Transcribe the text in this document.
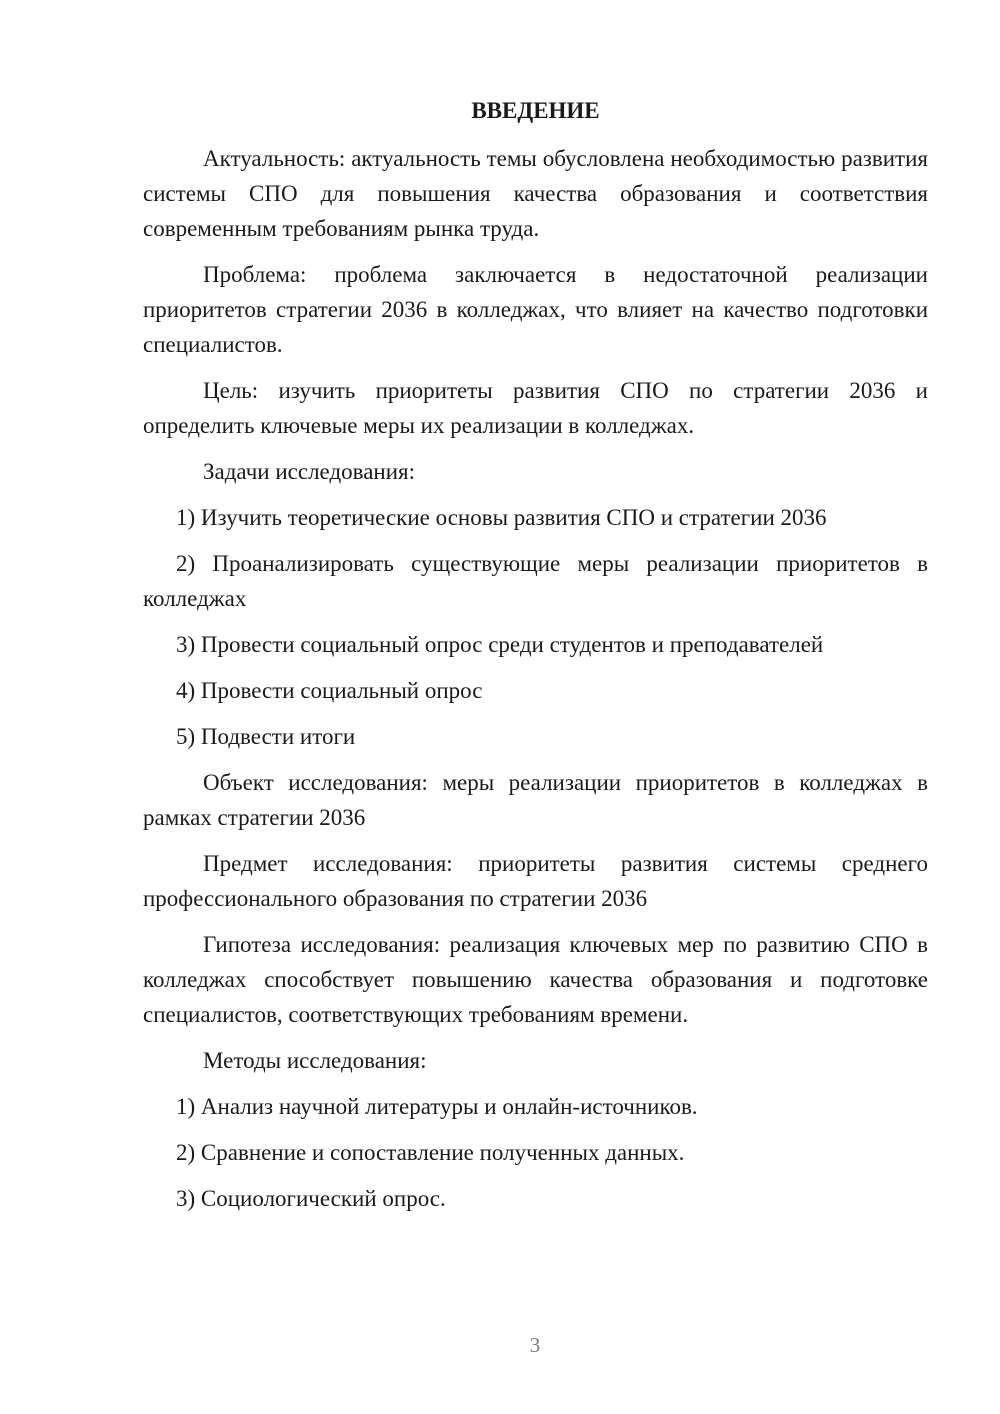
ВВЕДЕНИЕ

Актуальность: актуальность темы обусловлена необходимостью развития системы СПО для повышения качества образования и соответствия современным требованиям рынка труда.

Проблема: проблема заключается в недостаточной реализации приоритетов стратегии 2036 в колледжах, что влияет на качество подготовки специалистов.

Цель: изучить приоритеты развития СПО по стратегии 2036 и определить ключевые меры их реализации в колледжах.

Задачи исследования:

1) Изучить теоретические основы развития СПО и стратегии 2036

2) Проанализировать существующие меры реализации приоритетов в колледжах

3) Провести социальный опрос среди студентов и преподавателей

4) Провести социальный опрос

5) Подвести итоги

Объект исследования: меры реализации приоритетов в колледжах в рамках стратегии 2036

Предмет исследования: приоритеты развития системы среднего профессионального образования по стратегии 2036

Гипотеза исследования: реализация ключевых мер по развитию СПО в колледжах способствует повышению качества образования и подготовке специалистов, соответствующих требованиям времени.

Методы исследования:

1) Анализ научной литературы и онлайн-источников.

2) Сравнение и сопоставление полученных данных.

3) Социологический опрос.

3
